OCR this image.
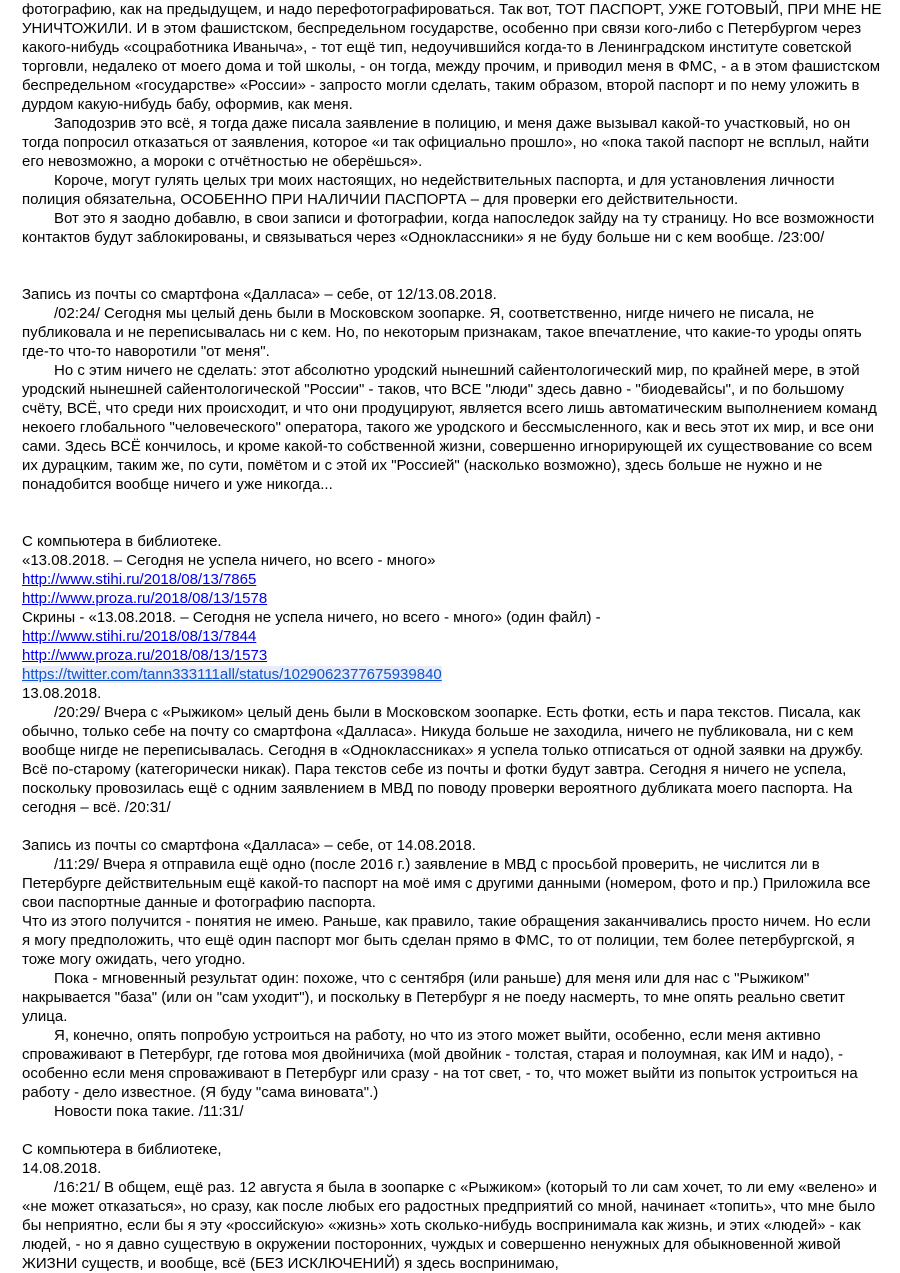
фотографию, как на предыдущем, и надо перефотографироваться. Так вот, ТОТ ПАСПОРТ, УЖЕ ГОТОВЫЙ, ПРИ МНЕ НЕ УНИЧТОЖИЛИ. И в этом фашистском, беспредельном государстве, особенно при связи кого-либо с Петербургом через какого-нибудь «соцработника Иваныча», - тот ещё тип, недоучившийся когда-то в Ленинградском институте советской торговли, недалеко от моего дома и той школы, - он тогда, между прочим, и приводил меня в ФМС, - а в этом фашистском беспредельном «государстве» «России» - запросто могли сделать, таким образом, второй паспорт и по нему уложить в дурдом какую-нибудь бабу, оформив, как меня.

Заподозрив это всё, я тогда даже писала заявление в полицию, и меня даже вызывал какой-то участковый, но он тогда попросил отказаться от заявления, которое «и так официально прошло», но «пока такой паспорт не всплыл, найти его невозможно, а мороки с отчётностью не оберёшься».

Короче, могут гулять целых три моих настоящих, но недействительных паспорта, и для установления личности полиция обязательна, ОСОБЕННО ПРИ НАЛИЧИИ ПАСПОРТА – для проверки его действительности.

Вот это я заодно добавлю, в свои записи и фотографии, когда напоследок зайду на ту страницу. Но все возможности контактов будут заблокированы, и связываться через «Одноклассники» я не буду больше ни с кем вообще. /23:00/

Запись из почты со смартфона «Далласа» – себе, от 12/13.08.2018.

/02:24/ Сегодня мы целый день были в Московском зоопарке. Я, соответственно, нигде ничего не писала, не публиковала и не переписывалась ни с кем. Но, по некоторым признакам, такое впечатление, что какие-то уроды опять где-то что-то наворотили "от меня".

Но с этим ничего не сделать: этот абсолютно уродский нынешний сайентологический мир, по крайней мере, в этой уродский нынешней сайентологической "России" - таков, что ВСЕ "люди" здесь давно - "биодевайсы", и по большому счёту, ВСЁ, что среди них происходит, и что они продуцируют, является всего лишь автоматическим выполнением команд некоего глобального "человеческого" оператора, такого же уродского и бессмысленного, как и весь этот их мир, и все они сами. Здесь ВСЁ кончилось, и кроме какой-то собственной жизни, совершенно игнорирующей их существование со всем их дурацким, таким же, по сути, помётом и с этой их "Россией" (насколько возможно), здесь больше не нужно и не понадобится вообще ничего и уже никогда...

С компьютера в библиотеке.

«13.08.2018. – Сегодня не успела ничего, но всего - много»

http://www.stihi.ru/2018/08/13/7865

http://www.proza.ru/2018/08/13/1578

Скрины - «13.08.2018. – Сегодня не успела ничего, но всего - много» (один файл) -

http://www.stihi.ru/2018/08/13/7844

http://www.proza.ru/2018/08/13/1573

https://twitter.com/tann333111all/status/1029062377675939840

13.08.2018.

/20:29/ Вчера с «Рыжиком» целый день были в Московском зоопарке. Есть фотки, есть и пара текстов. Писала, как обычно, только себе на почту со смартфона «Далласа». Никуда больше не заходила, ничего не публиковала, ни с кем вообще нигде не переписывалась. Сегодня в «Одноклассниках» я успела только отписаться от одной заявки на дружбу. Всё по-старому (категорически никак). Пара текстов себе из почты и фотки будут завтра. Сегодня я ничего не успела, поскольку провозилась ещё с одним заявлением в МВД по поводу проверки вероятного дубликата моего паспорта. На сегодня – всё. /20:31/

Запись из почты со смартфона «Далласа» – себе, от 14.08.2018.

/11:29/ Вчера я отправила ещё одно (после 2016 г.) заявление в МВД с просьбой проверить, не числится ли в Петербурге действительным ещё какой-то паспорт на моё имя с другими данными (номером, фото и пр.) Приложила все свои паспортные данные и фотографию паспорта.

Что из этого получится - понятия не имею. Раньше, как правило, такие обращения заканчивались просто ничем. Но если я могу предположить, что ещё один паспорт мог быть сделан прямо в ФМС, то от полиции, тем более петербургской, я тоже могу ожидать, чего угодно.

Пока - мгновенный результат один: похоже, что с сентября (или раньше) для меня или для нас с "Рыжиком" накрывается "база" (или он "сам уходит"), и поскольку в Петербург я не поеду насмерть, то мне опять реально светит улица.

Я, конечно, опять попробую устроиться на работу, но что из этого может выйти, особенно, если меня активно спроваживают в Петербург, где готова моя двойничиха (мой двойник - толстая, старая и полоумная, как ИМ и надо), - особенно если меня спроваживают в Петербург или сразу - на тот свет, - то, что может выйти из попыток устроиться на работу - дело известное. (Я буду "сама виновата".)

Новости пока такие. /11:31/

С компьютера в библиотеке,

14.08.2018.

/16:21/ В общем, ещё раз. 12 августа я была в зоопарке с «Рыжиком» (который то ли сам хочет, то ли ему «велено» и «не может отказаться», но сразу, как после любых его радостных предприятий со мной, начинает «топить», что мне было бы неприятно, если бы я эту «российскую» «жизнь» хоть сколько-нибудь воспринимала как жизнь, и этих «людей» - как людей, - но я давно существую в окружении посторонних, чуждых и совершенно ненужных для обыкновенной живой ЖИЗНИ существ, и вообще, всё (БЕЗ ИСКЛЮЧЕНИЙ) я здесь воспринимаю,
